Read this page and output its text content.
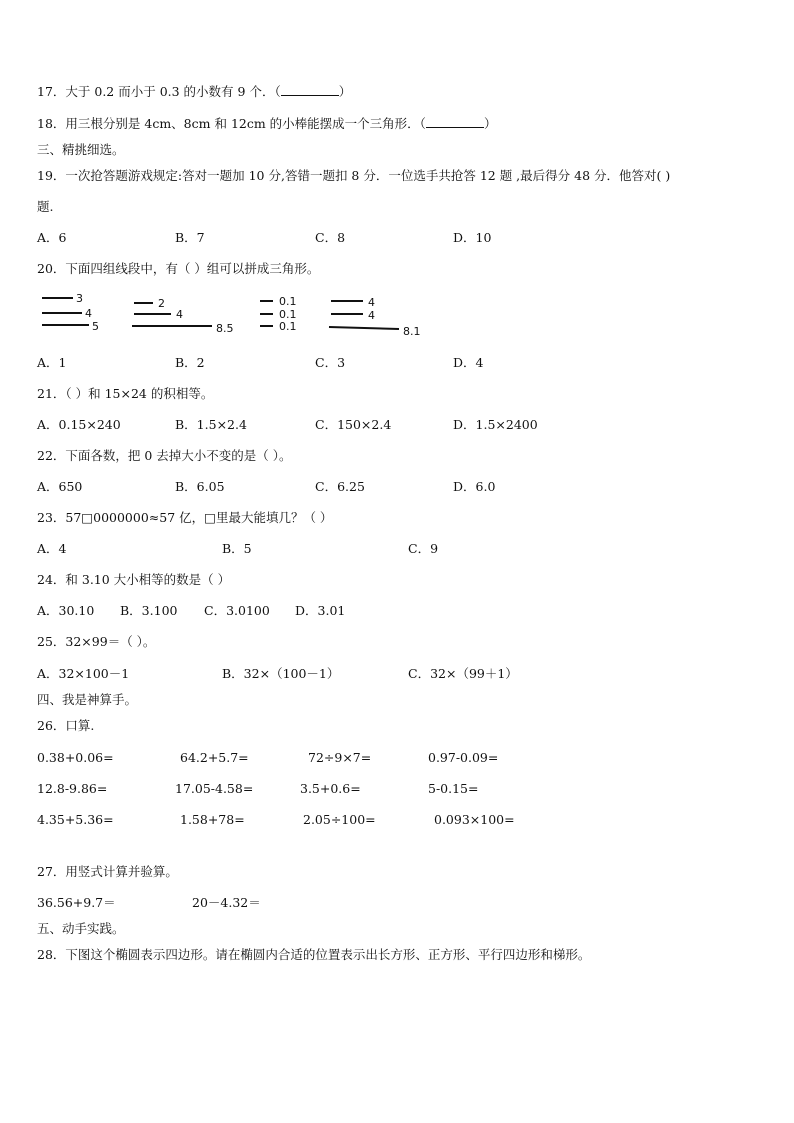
17．大于 0.2 而小于 0.3 的小数有 9 个．（	）
18．用三根分别是 4cm、8cm 和 12cm 的小棒能摆成一个三角形．（	）
三、精挑细选。
19．一次抢答题游戏规定:答对一题加 10 分,答错一题扣 8 分．一位选手共抢答 12 题 ,最后得分 48 分．他答对( )
题.
A．6	B．7	C．8	D．10
20．下面四组线段中，有（ ）组可以拼成三角形。
3
4
5
2
4
8.5
0.1
0.1
0.1
4
4
8.1
A．1	B．2	C．3	D．4
21．（ ）和 15×24 的积相等。
A．0.15×240	B．1.5×2.4	C．150×2.4	D．1.5×2400
22．下面各数，把 0 去掉大小不变的是（ ）。
A．650	B．6.05	C．6.25	D．6.0
23．57□0000000≈57 亿，□里最大能填几？（ ）
A．4	B．5	C．9
24．和 3.10 大小相等的数是（ ）
A．30.10 B．3.100 C．3.0100 D．3.01
25．32×99＝（ ）。
A．32×100－1	B．32×（100－1）	C．32×（99＋1）
四、我是神算手。
26．口算.
0.38+0.06=	64.2+5.7=	72÷9×7=	0.97-0.09=
12.8-9.86=	17.05-4.58=	3.5+0.6=	5-0.15=
4.35+5.36=	1.58+78=	2.05÷100=	0.093×100=
27．用竖式计算并验算。
36.56+9.7＝	20－4.32＝
五、动手实践。
28．下图这个椭圆表示四边形。请在椭圆内合适的位置表示出长方形、正方形、平行四边形和梯形。
